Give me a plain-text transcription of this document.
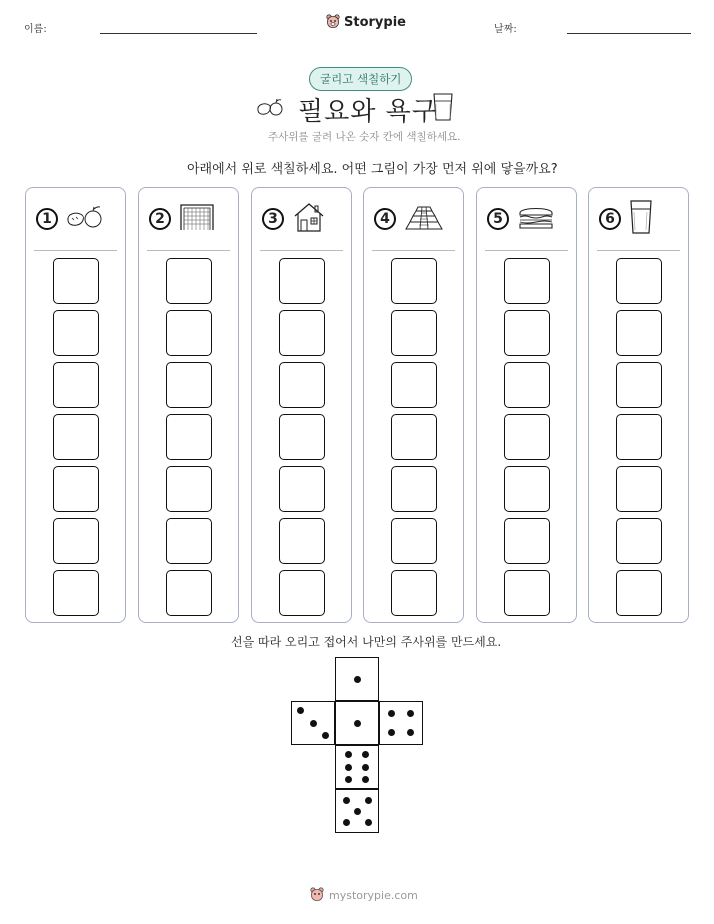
이름:	Storypie	날짜:
굴리고 색칠하기
필요와 욕구
주사위를 굴려 나온 숫자 칸에 색칠하세요.
아래에서 위로 색칠하세요. 어떤 그림이 가장 먼저 위에 닿을까요?
1	2	3	4	5	6
선을 따라 오리고 접어서 나만의 주사위를 만드세요.
mystorypie.com
